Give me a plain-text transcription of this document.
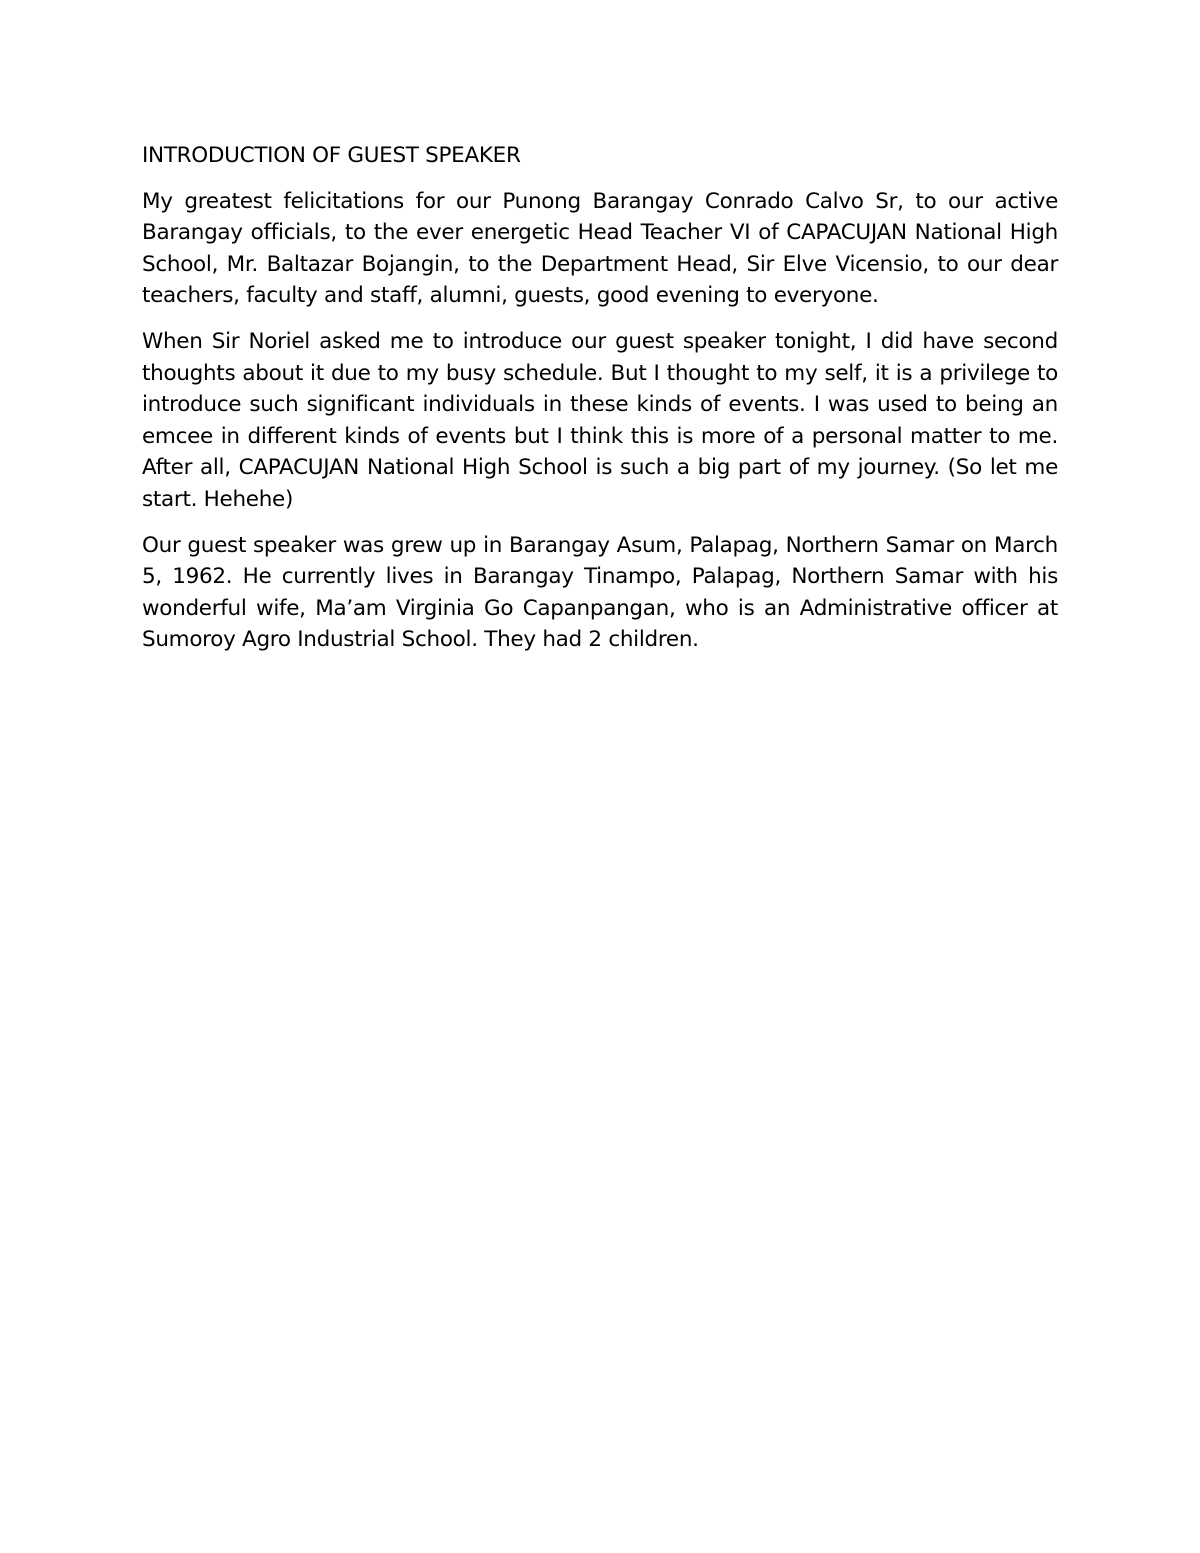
INTRODUCTION OF GUEST SPEAKER

My greatest felicitations for our Punong Barangay Conrado Calvo Sr, to our active Barangay officials, to the ever energetic Head Teacher VI of CAPACUJAN National High School, Mr. Baltazar Bojangin, to the Department Head, Sir Elve Vicensio, to our dear teachers, faculty and staff, alumni, guests, good evening to everyone.

When Sir Noriel asked me to introduce our guest speaker tonight, I did have second thoughts about it due to my busy schedule. But I thought to my self, it is a privilege to introduce such significant individuals in these kinds of events. I was used to being an emcee in different kinds of events but I think this is more of a personal matter to me. After all, CAPACUJAN National High School is such a big part of my journey. (So let me start. Hehehe)

Our guest speaker was grew up in Barangay Asum, Palapag, Northern Samar on March 5, 1962. He currently lives in Barangay Tinampo, Palapag, Northern Samar with his wonderful wife, Ma’am Virginia Go Capanpangan, who is an Administrative officer at Sumoroy Agro Industrial School. They had 2 children.
